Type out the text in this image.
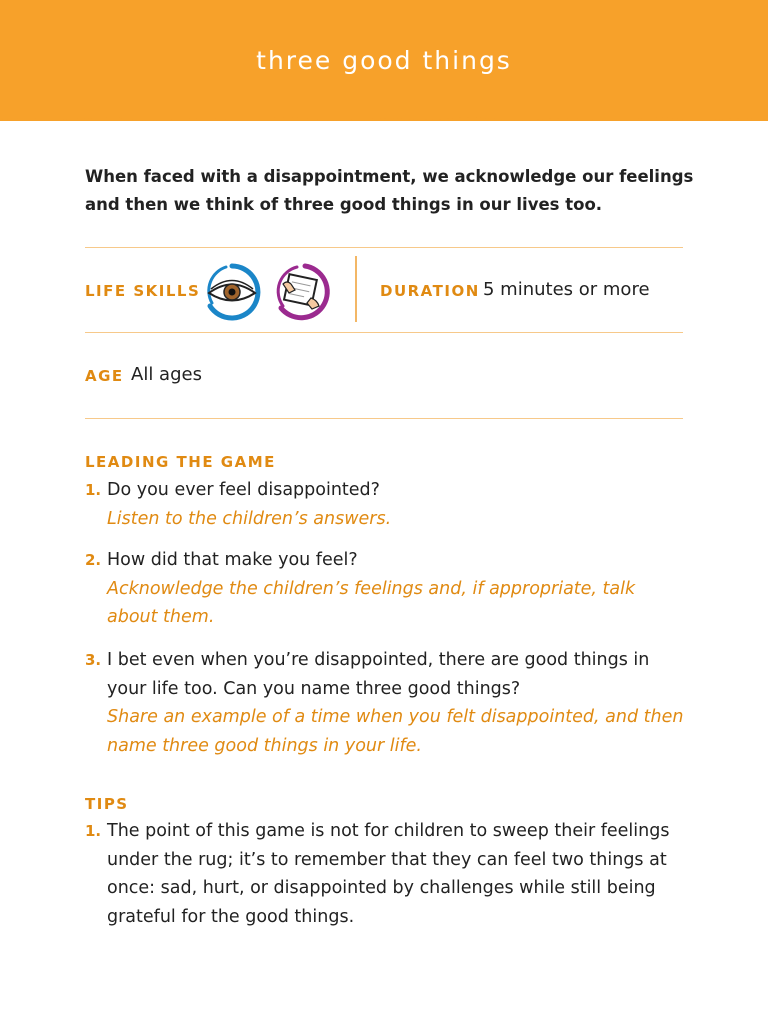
three good things
When faced with a disappointment, we acknowledge our feelings and then we think of three good things in our lives too.
LIFE SKILLS	DURATION 5 minutes or more
AGE All ages
LEADING THE GAME
1. Do you ever feel disappointed?
Listen to the children’s answers.
2. How did that make you feel?
Acknowledge the children’s feelings and, if appropriate, talk about them.
3. I bet even when you’re disappointed, there are good things in your life too. Can you name three good things?
Share an example of a time when you felt disappointed, and then name three good things in your life.
TIPS
1. The point of this game is not for children to sweep their feelings under the rug; it’s to remember that they can feel two things at once: sad, hurt, or disappointed by challenges while still being grateful for the good things.
